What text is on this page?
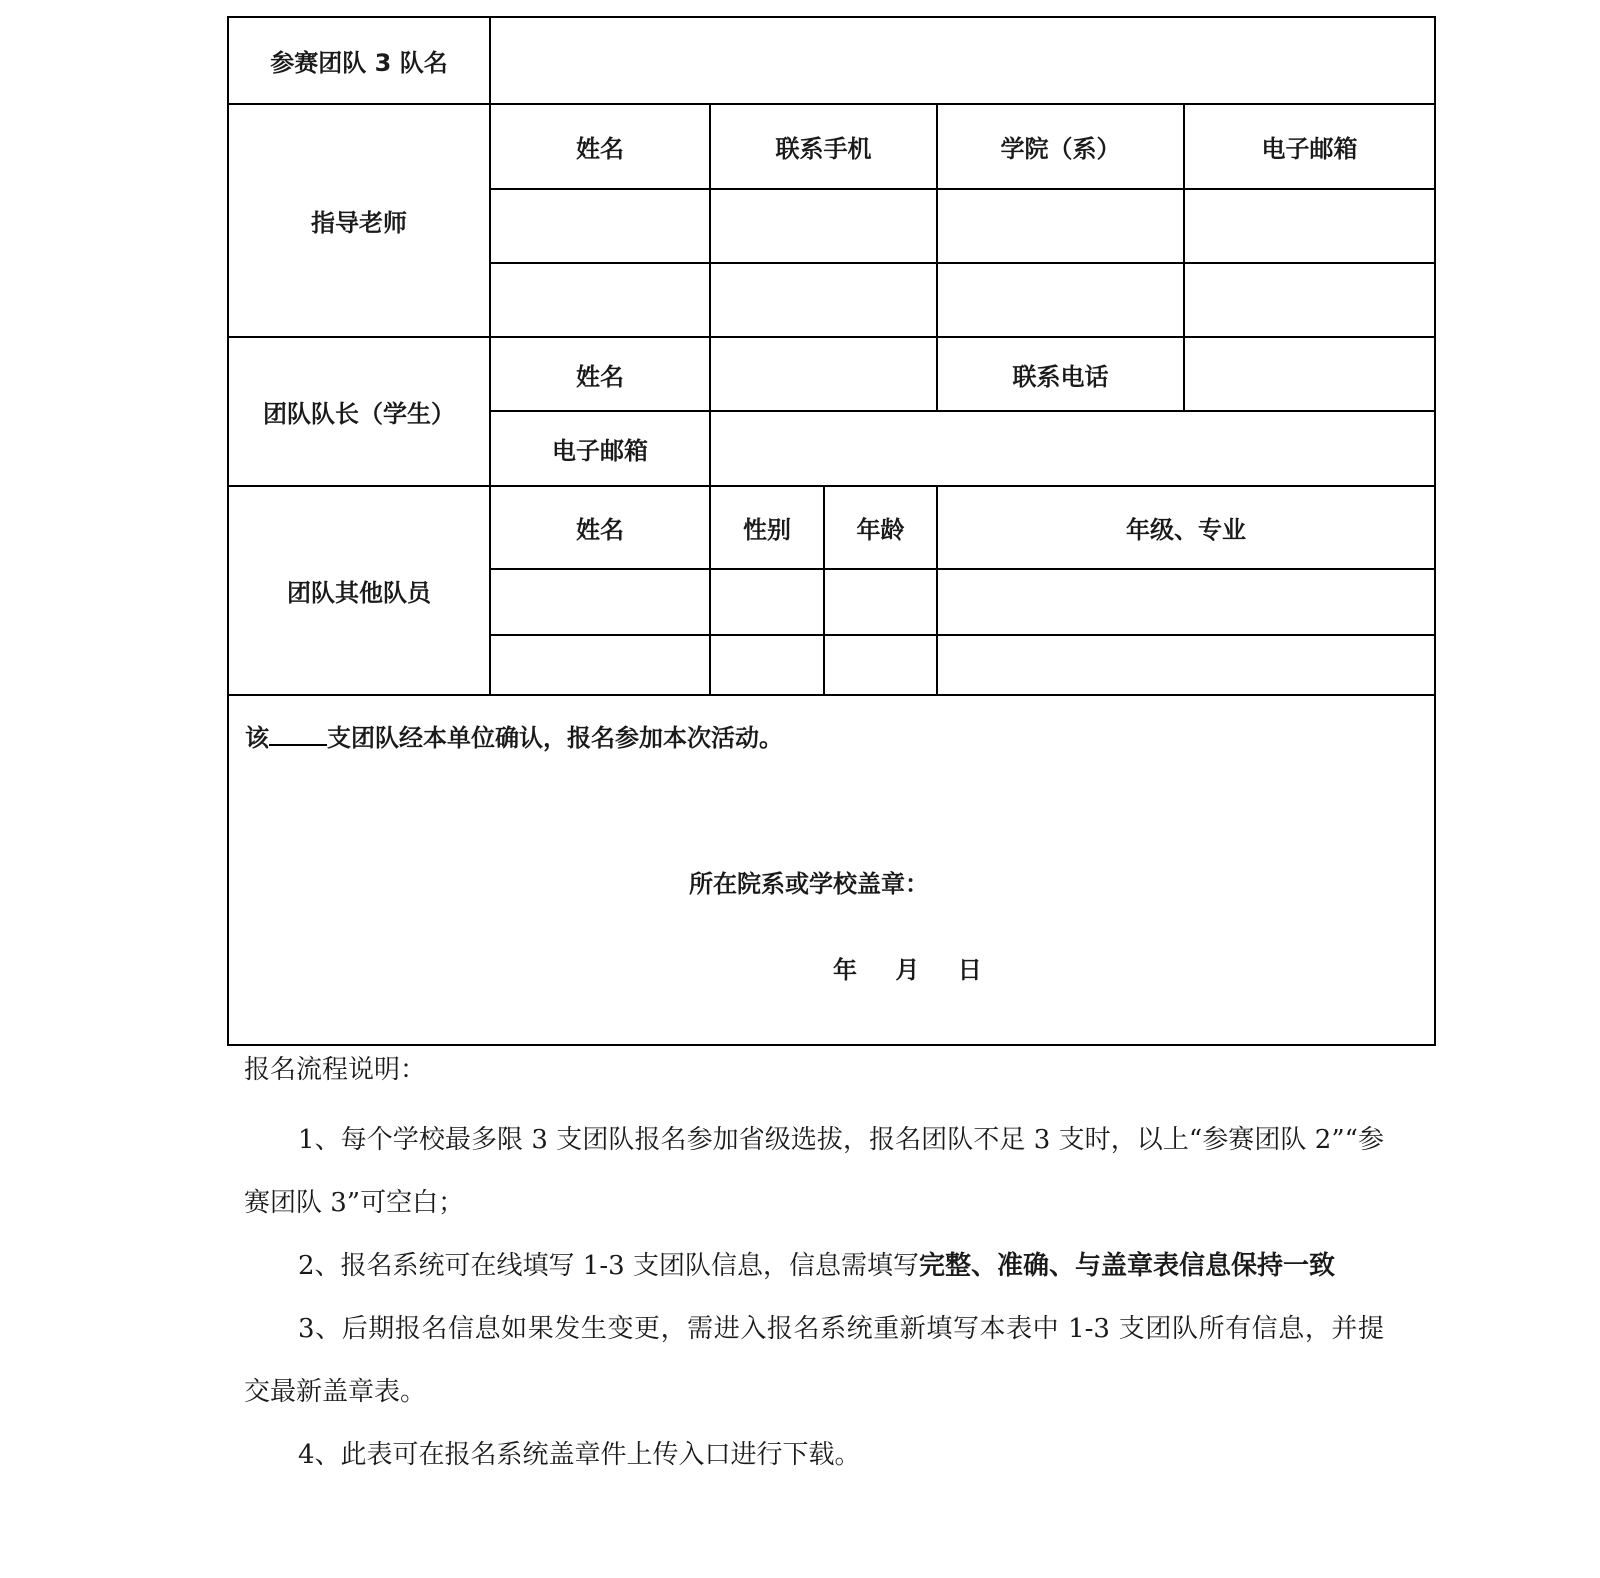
参赛团队 3 队名					
指导老师	姓名	联系手机		学院（系）	电子邮箱

团队队长（学生）	姓名			联系电话	
	电子邮箱				
团队其他队员	姓名	性别	年龄	年级、专业	

该 支团队经本单位确认，报名参加本次活动。
所在院系或学校盖章：
年 月 日					

报名流程说明：

1、每个学校最多限 3 支团队报名参加省级选拔，报名团队不足 3 支时，以上“参赛团队 2”“参赛团队 3”可空白；

2、报名系统可在线填写 1-3 支团队信息，信息需填写完整、准确、与盖章表信息保持一致

3、后期报名信息如果发生变更，需进入报名系统重新填写本表中 1-3 支团队所有信息，并提交最新盖章表。

4、此表可在报名系统盖章件上传入口进行下载。
